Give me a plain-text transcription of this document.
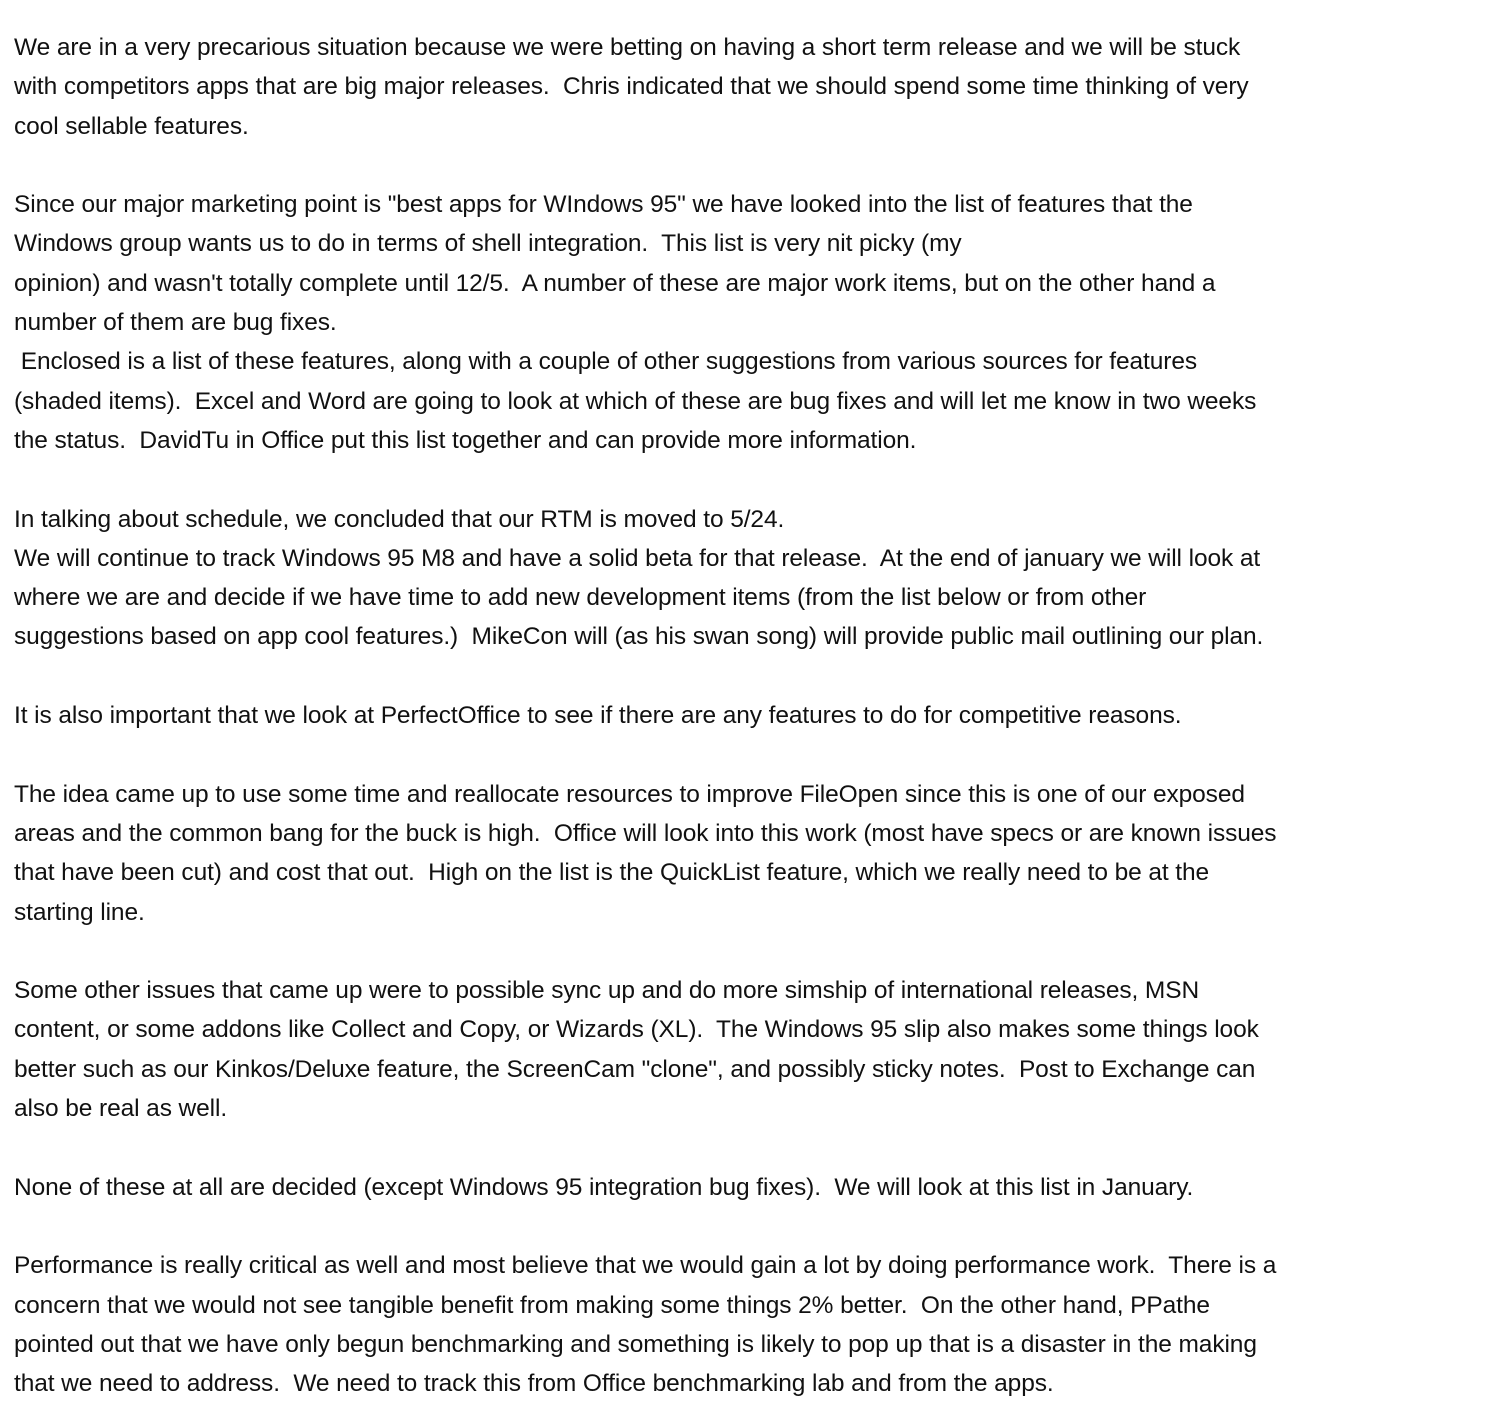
We are in a very precarious situation because we were betting on having a short term release and we will be stuck
with competitors apps that are big major releases.  Chris indicated that we should spend some time thinking of very
cool sellable features.
Since our major marketing point is "best apps for WIndows 95" we have looked into the list of features that the
Windows group wants us to do in terms of shell integration.  This list is very nit picky (my
opinion) and wasn't totally complete until 12/5.  A number of these are major work items, but on the other hand a
number of them are bug fixes.
Enclosed is a list of these features, along with a couple of other suggestions from various sources for features
(shaded items).  Excel and Word are going to look at which of these are bug fixes and will let me know in two weeks
the status.  DavidTu in Office put this list together and can provide more information.
In talking about schedule, we concluded that our RTM is moved to 5/24.
We will continue to track Windows 95 M8 and have a solid beta for that release.  At the end of january we will look at
where we are and decide if we have time to add new development items (from the list below or from other
suggestions based on app cool features.)  MikeCon will (as his swan song) will provide public mail outlining our plan.
It is also important that we look at PerfectOffice to see if there are any features to do for competitive reasons.
The idea came up to use some time and reallocate resources to improve FileOpen since this is one of our exposed
areas and the common bang for the buck is high.  Office will look into this work (most have specs or are known issues
that have been cut) and cost that out.  High on the list is the QuickList feature, which we really need to be at the
starting line.
Some other issues that came up were to possible sync up and do more simship of international releases, MSN
content, or some addons like Collect and Copy, or Wizards (XL).  The Windows 95 slip also makes some things look
better such as our Kinkos/Deluxe feature, the ScreenCam "clone", and possibly sticky notes.  Post to Exchange can
also be real as well.
None of these at all are decided (except Windows 95 integration bug fixes).  We will look at this list in January.
Performance is really critical as well and most believe that we would gain a lot by doing performance work.  There is a
concern that we would not see tangible benefit from making some things 2% better.  On the other hand, PPathe
pointed out that we have only begun benchmarking and something is likely to pop up that is a disaster in the making
that we need to address.  We need to track this from Office benchmarking lab and from the apps.
